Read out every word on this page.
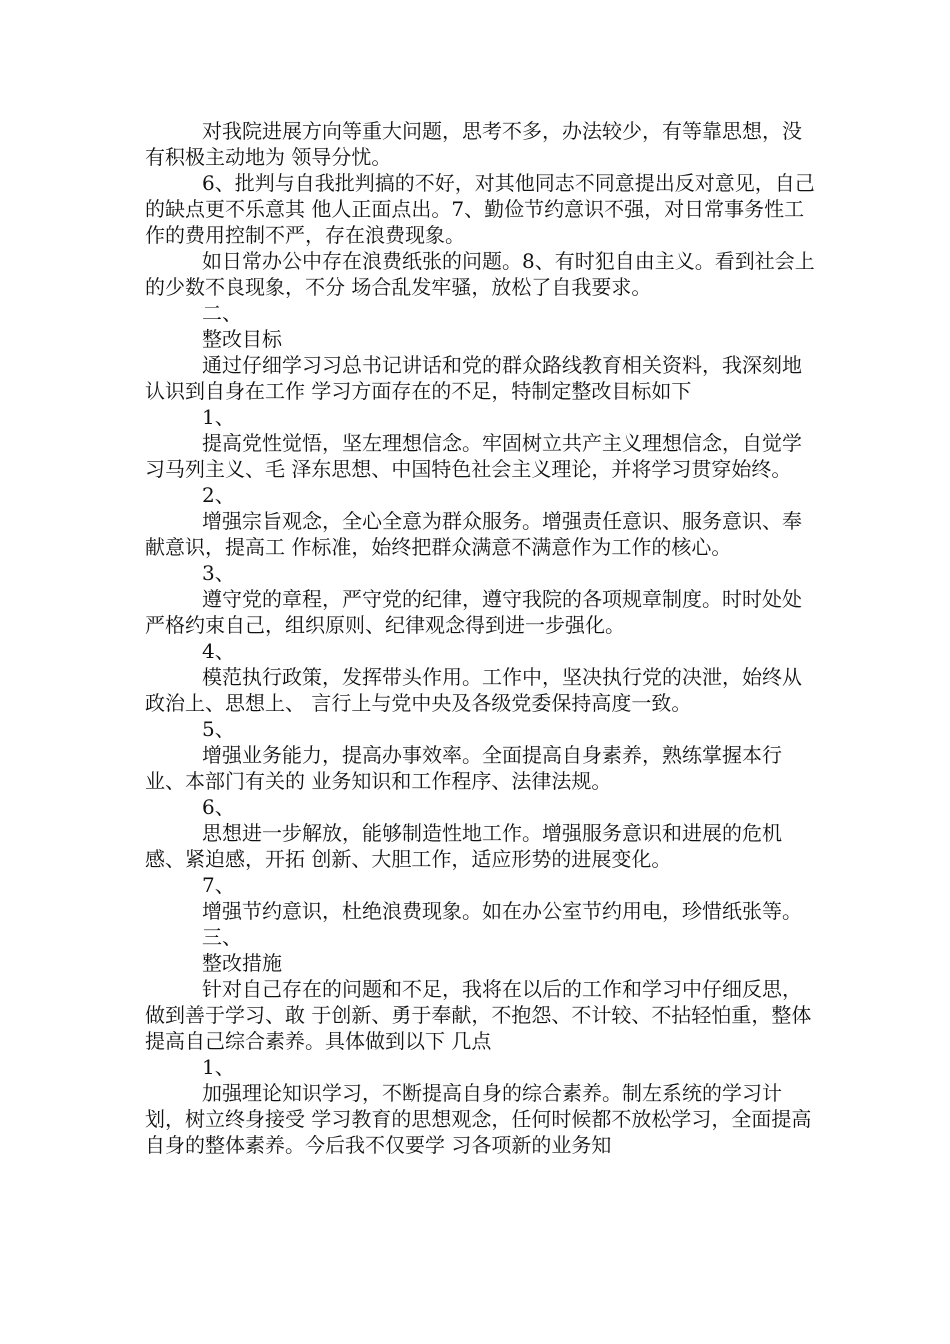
对我院进展方向等重大问题，思考不多，办法较少，有等靠思想，没有积极主动地为 领导分忧。

6、批判与自我批判搞的不好，对其他同志不同意提出反对意见，自己的缺点更不乐意其 他人正面点出。7、勤俭节约意识不强，对日常事务性工作的费用控制不严，存在浪费现象。

如日常办公中存在浪费纸张的问题。8、有时犯自由主义。看到社会上的少数不良现象，不分 场合乱发牢骚，放松了自我要求。

二、

整改目标

通过仔细学习习总书记讲话和党的群众路线教育相关资料，我深刻地认识到自身在工作 学习方面存在的不足，特制定整改目标如下

1、

提高党性觉悟，坚左理想信念。牢固树立共产主义理想信念，自觉学习马列主义、毛 泽东思想、中国特色社会主义理论，并将学习贯穿始终。

2、

增强宗旨观念，全心全意为群众服务。增强责任意识、服务意识、奉献意识，提高工 作标准，始终把群众满意不满意作为工作的核心。

3、

遵守党的章程，严守党的纪律，遵守我院的各项规章制度。时时处处严格约束自己，组织原则、纪律观念得到进一步强化。

4、

模范执行政策，发挥带头作用。工作中，坚决执行党的决泄，始终从政治上、思想上、 言行上与党中央及各级党委保持高度一致。

5、

增强业务能力，提高办事效率。全面提高自身素养，熟练掌握本行业、本部门有关的 业务知识和工作程序、法律法规。

6、

思想进一步解放，能够制造性地工作。增强服务意识和进展的危机感、紧迫感，开拓 创新、大胆工作，适应形势的进展变化。

7、

增强节约意识，杜绝浪费现象。如在办公室节约用电，珍惜纸张等。

三、

整改措施

针对自己存在的问题和不足，我将在以后的工作和学习中仔细反思，做到善于学习、敢 于创新、勇于奉献，不抱怨、不计较、不拈轻怕重，整体提高自己综合素养。具体做到以下 几点

1、

加强理论知识学习，不断提高自身的综合素养。制左系统的学习计划，树立终身接受 学习教育的思想观念，任何时候都不放松学习，全面提高自身的整体素养。今后我不仅要学 习各项新的业务知
